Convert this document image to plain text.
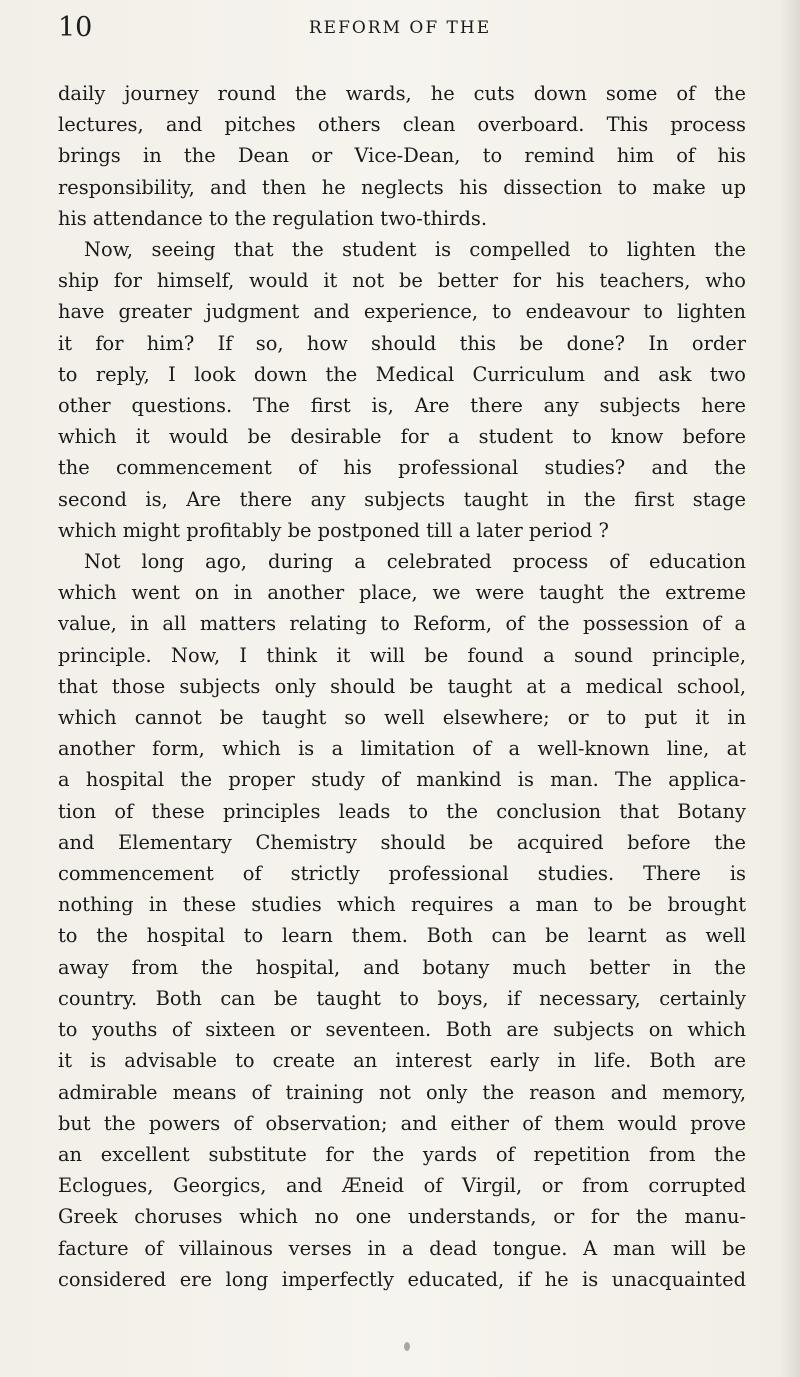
10	REFORM OF THE
daily journey round the wards, he cuts down some of the
lectures, and pitches others clean overboard. This process
brings in the Dean or Vice-Dean, to remind him of his
responsibility, and then he neglects his dissection to make up
his attendance to the regulation two-thirds.
Now, seeing that the student is compelled to lighten the
ship for himself, would it not be better for his teachers, who
have greater judgment and experience, to endeavour to lighten
it for him? If so, how should this be done? In order
to reply, I look down the Medical Curriculum and ask two
other questions. The first is, Are there any subjects here
which it would be desirable for a student to know before
the commencement of his professional studies? and the
second is, Are there any subjects taught in the first stage
which might profitably be postponed till a later period ?
Not long ago, during a celebrated process of education
which went on in another place, we were taught the extreme
value, in all matters relating to Reform, of the possession of a
principle. Now, I think it will be found a sound principle,
that those subjects only should be taught at a medical school,
which cannot be taught so well elsewhere; or to put it in
another form, which is a limitation of a well-known line, at
a hospital the proper study of mankind is man. The applica-
tion of these principles leads to the conclusion that Botany
and Elementary Chemistry should be acquired before the
commencement of strictly professional studies. There is
nothing in these studies which requires a man to be brought
to the hospital to learn them. Both can be learnt as well
away from the hospital, and botany much better in the
country. Both can be taught to boys, if necessary, certainly
to youths of sixteen or seventeen. Both are subjects on which
it is advisable to create an interest early in life. Both are
admirable means of training not only the reason and memory,
but the powers of observation; and either of them would prove
an excellent substitute for the yards of repetition from the
Eclogues, Georgics, and Æneid of Virgil, or from corrupted
Greek choruses which no one understands, or for the manu-
facture of villainous verses in a dead tongue. A man will be
considered ere long imperfectly educated, if he is unacquainted
